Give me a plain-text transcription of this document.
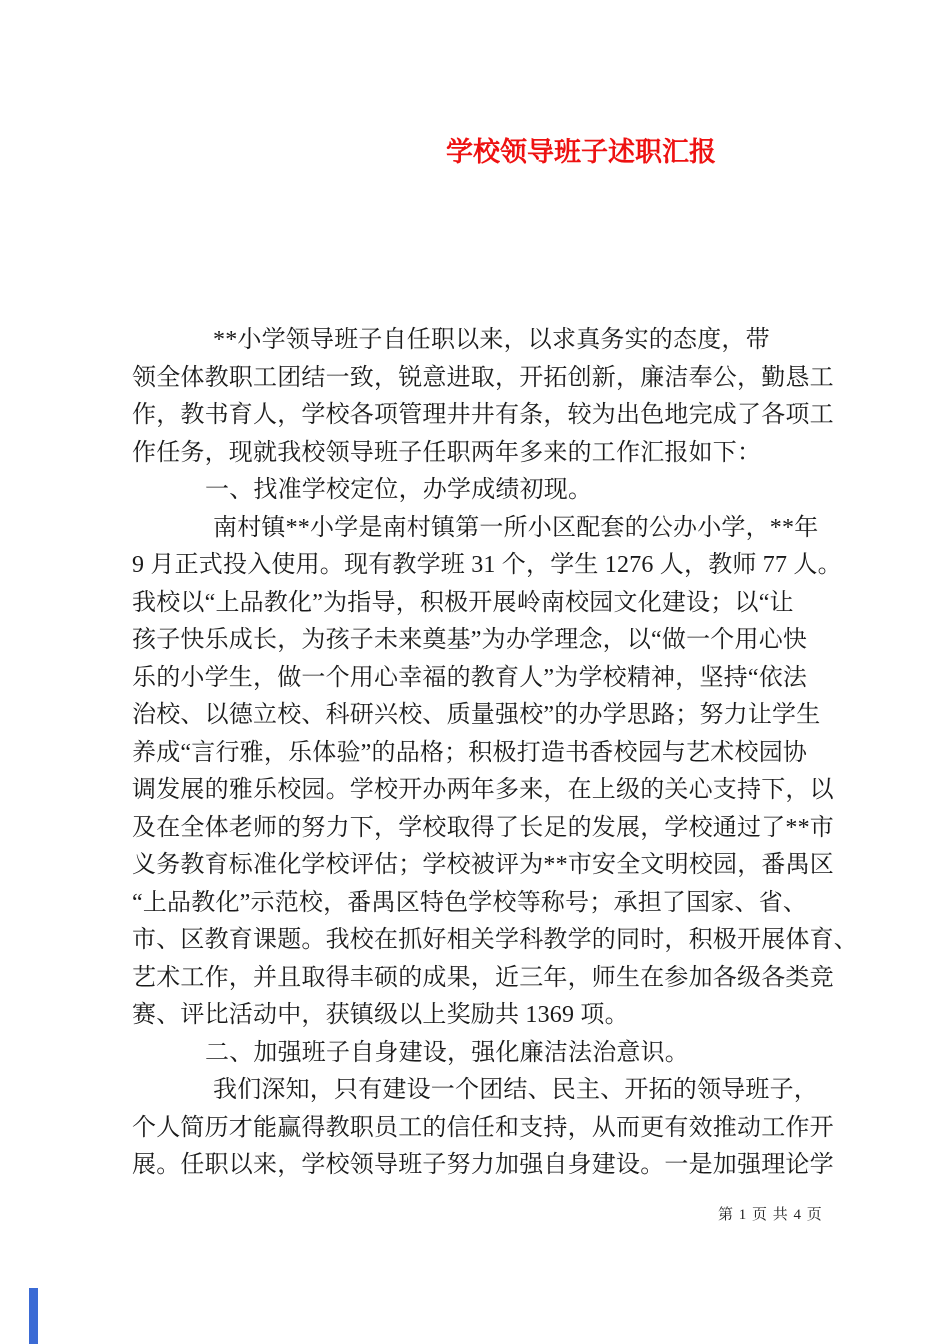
学校领导班子述职汇报
**小学领导班子自任职以来，以求真务实的态度，带
领全体教职工团结一致，锐意进取，开拓创新，廉洁奉公，勤恳工
作，教书育人，学校各项管理井井有条，较为出色地完成了各项工
作任务，现就我校领导班子任职两年多来的工作汇报如下：
一、找准学校定位，办学成绩初现。
南村镇**小学是南村镇第一所小区配套的公办小学，**年
9 月正式投入使用。现有教学班 31 个，学生 1276 人，教师 77 人。
我校以“上品教化”为指导，积极开展岭南校园文化建设；以“让
孩子快乐成长，为孩子未来奠基”为办学理念，以“做一个用心快
乐的小学生，做一个用心幸福的教育人”为学校精神，坚持“依法
治校、以德立校、科研兴校、质量强校”的办学思路；努力让学生
养成“言行雅，乐体验”的品格；积极打造书香校园与艺术校园协
调发展的雅乐校园。学校开办两年多来，在上级的关心支持下，以
及在全体老师的努力下，学校取得了长足的发展，学校通过了**市
义务教育标准化学校评估；学校被评为**市安全文明校园，番禺区
“上品教化”示范校，番禺区特色学校等称号；承担了国家、省、
市、区教育课题。我校在抓好相关学科教学的同时，积极开展体育、
艺术工作，并且取得丰硕的成果，近三年，师生在参加各级各类竞
赛、评比活动中，获镇级以上奖励共 1369 项。
二、加强班子自身建设，强化廉洁法治意识。
我们深知，只有建设一个团结、民主、开拓的领导班子，
个人简历才能赢得教职员工的信任和支持，从而更有效推动工作开
展。任职以来，学校领导班子努力加强自身建设。一是加强理论学
第 1 页 共 4 页
